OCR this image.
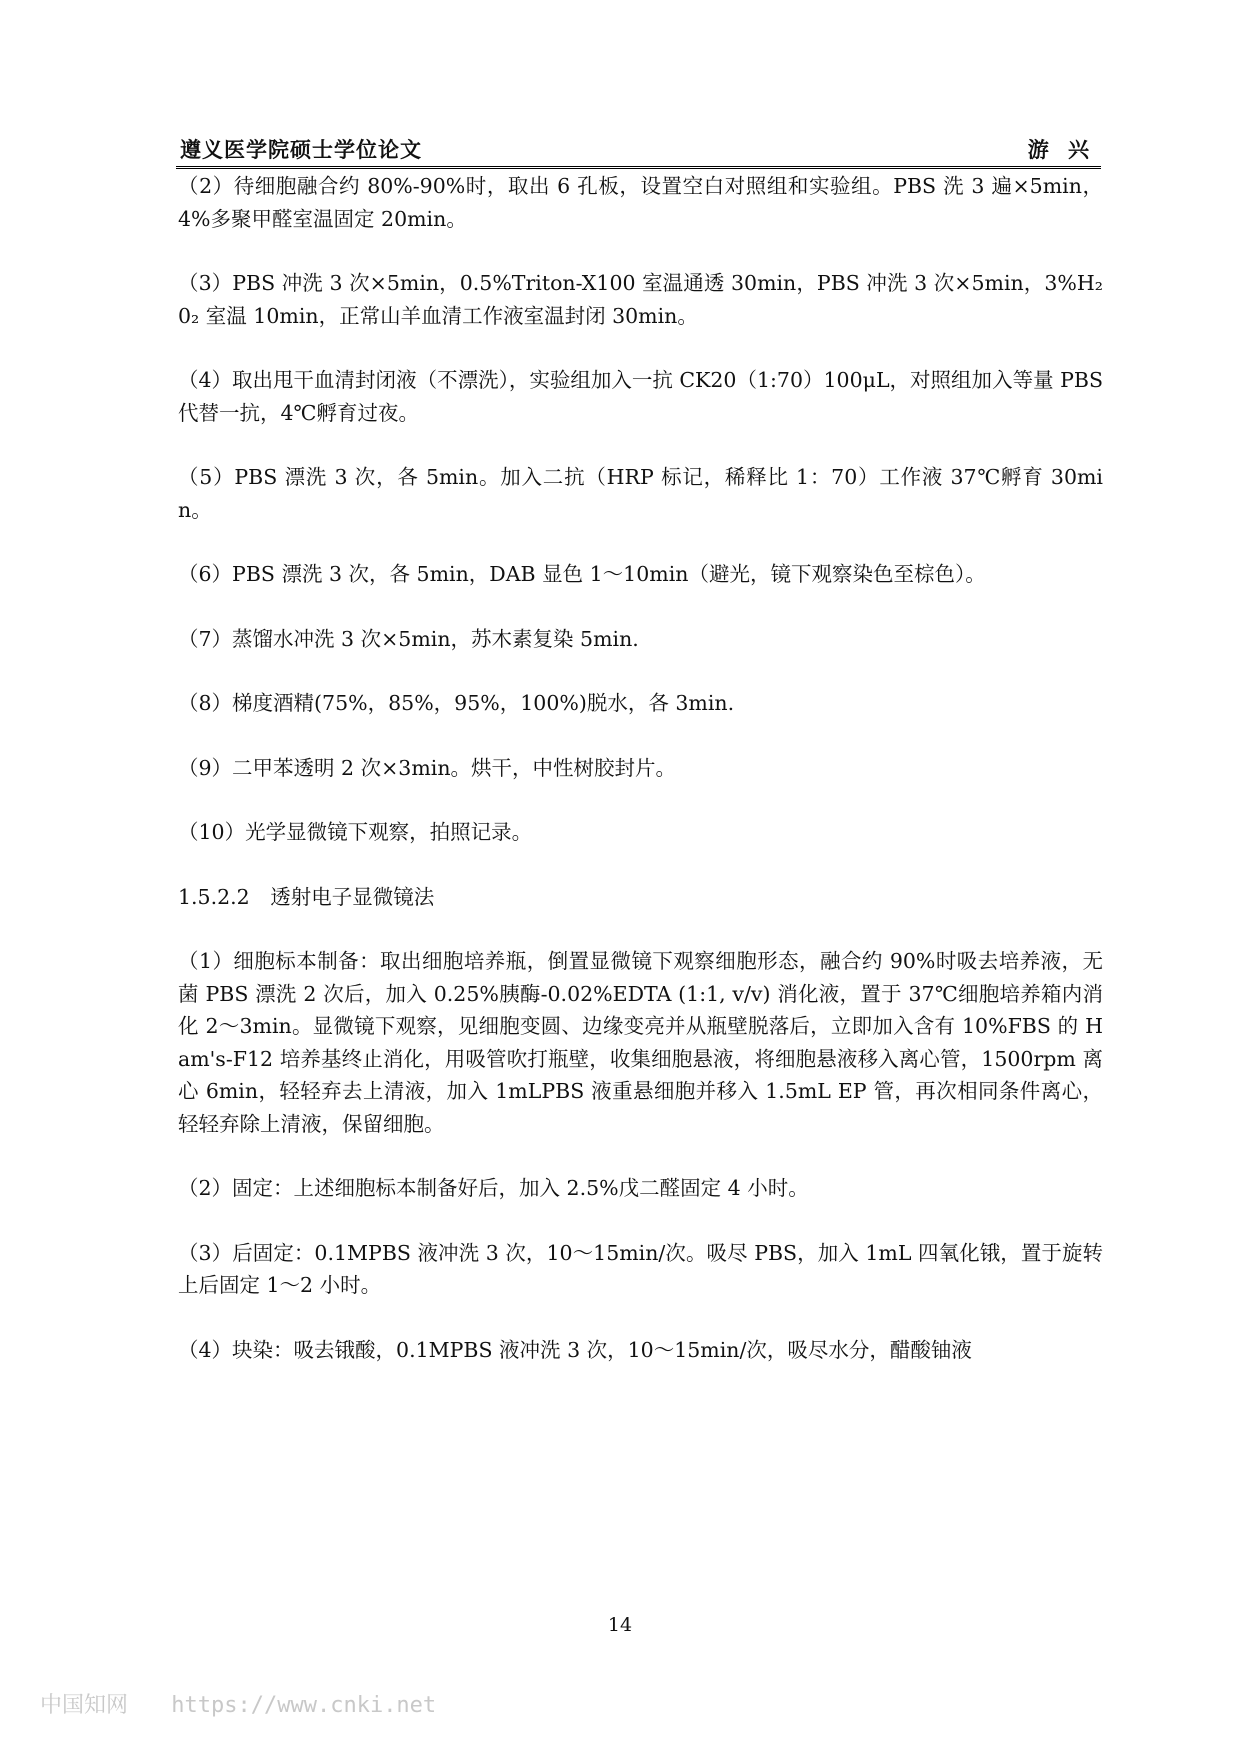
遵义医学院硕士学位论文	游 兴

（2）待细胞融合约 80%-90%时，取出 6 孔板，设置空白对照组和实验组。PBS 洗 3 遍×5min，4%多聚甲醛室温固定 20min。

（3）PBS 冲洗 3 次×5min，0.5%Triton-X100 室温通透 30min，PBS 冲洗 3 次×5min，3%H₂0₂ 室温 10min，正常山羊血清工作液室温封闭 30min。

（4）取出甩干血清封闭液（不漂洗），实验组加入一抗 CK20（1:70）100μL，对照组加入等量 PBS 代替一抗，4℃孵育过夜。

（5）PBS 漂洗 3 次，各 5min。加入二抗（HRP 标记，稀释比 1：70）工作液 37℃孵育 30min。

（6）PBS 漂洗 3 次，各 5min，DAB 显色 1～10min（避光，镜下观察染色至棕色）。

（7）蒸馏水冲洗 3 次×5min，苏木素复染 5min.

（8）梯度酒精(75%，85%，95%，100%)脱水，各 3min.

（9）二甲苯透明 2 次×3min。烘干，中性树胶封片。

（10）光学显微镜下观察，拍照记录。

1.5.2.2　透射电子显微镜法

（1）细胞标本制备：取出细胞培养瓶，倒置显微镜下观察细胞形态，融合约 90%时吸去培养液，无菌 PBS 漂洗 2 次后，加入 0.25%胰酶-0.02%EDTA (1:1, v/v) 消化液，置于 37℃细胞培养箱内消化 2～3min。显微镜下观察，见细胞变圆、边缘变亮并从瓶壁脱落后，立即加入含有 10%FBS 的 Ham's-F12 培养基终止消化，用吸管吹打瓶壁，收集细胞悬液，将细胞悬液移入离心管，1500rpm 离心 6min，轻轻弃去上清液，加入 1mLPBS 液重悬细胞并移入 1.5mL EP 管，再次相同条件离心，轻轻弃除上清液，保留细胞。

（2）固定：上述细胞标本制备好后，加入 2.5%戊二醛固定 4 小时。

（3）后固定：0.1MPBS 液冲洗 3 次，10～15min/次。吸尽 PBS，加入 1mL 四氧化锇，置于旋转上后固定 1～2 小时。

（4）块染：吸去锇酸，0.1MPBS 液冲洗 3 次，10～15min/次，吸尽水分，醋酸铀液

14
中国知网 https://www.cnki.net
